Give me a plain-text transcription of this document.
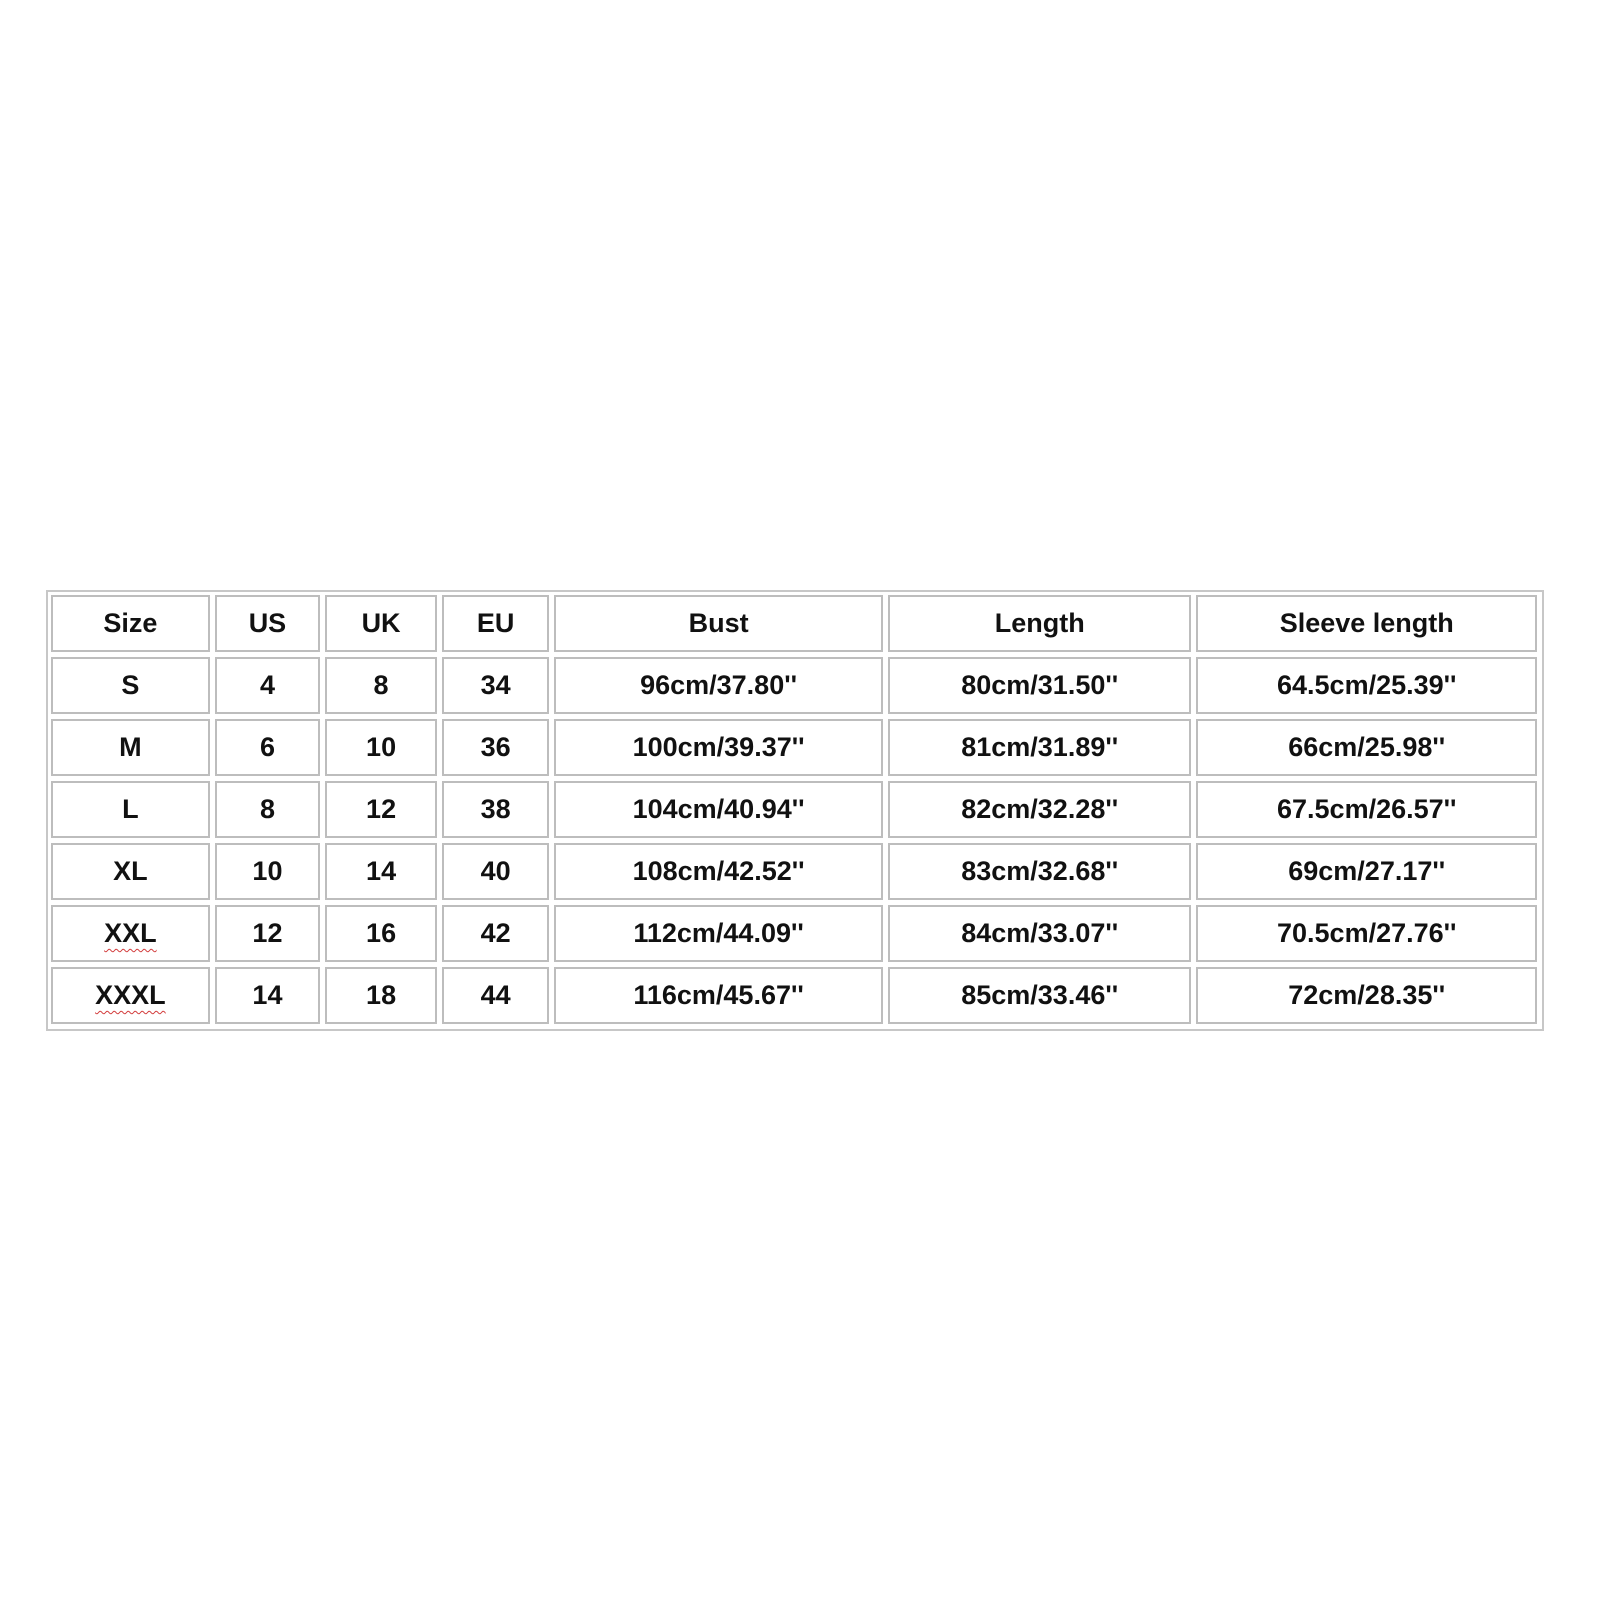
Size	US	UK	EU	Bust	Length	Sleeve length
S	4	8	34	96cm/37.80''	80cm/31.50''	64.5cm/25.39''
M	6	10	36	100cm/39.37''	81cm/31.89''	66cm/25.98''
L	8	12	38	104cm/40.94''	82cm/32.28''	67.5cm/26.57''
XL	10	14	40	108cm/42.52''	83cm/32.68''	69cm/27.17''
XXL	12	16	42	112cm/44.09''	84cm/33.07''	70.5cm/27.76''
XXXL	14	18	44	116cm/45.67''	85cm/33.46''	72cm/28.35''
